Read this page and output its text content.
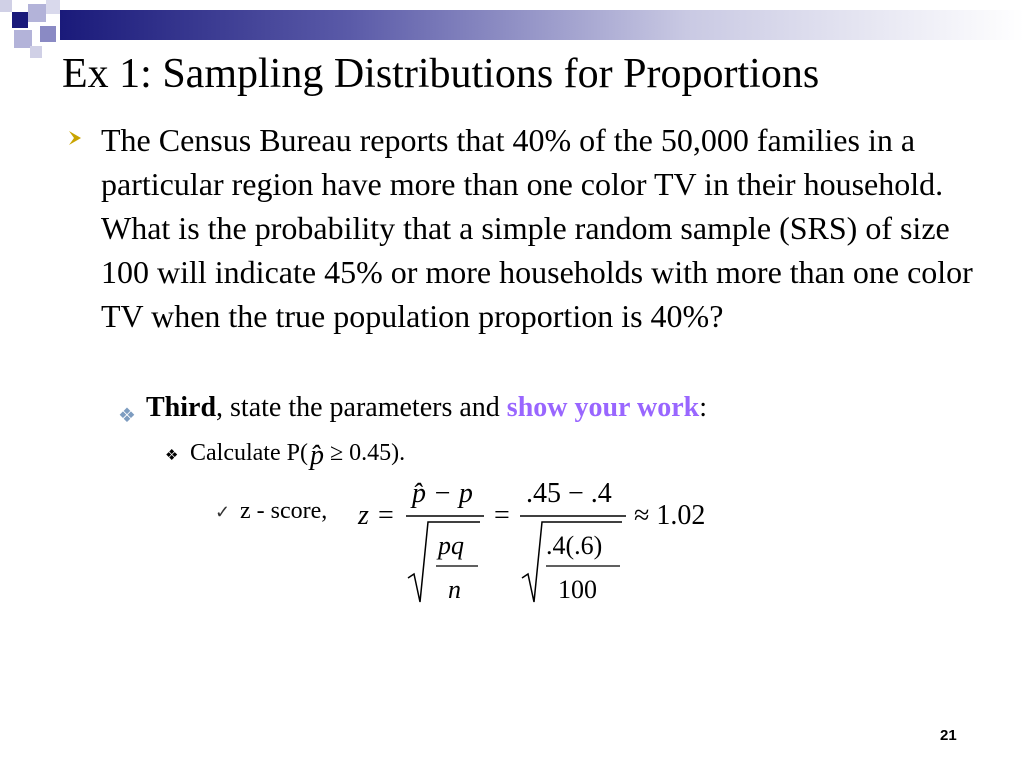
Ex 1: Sampling Distributions for Proportions
The Census Bureau reports that 40% of the 50,000 families in a particular region have more than one color TV in their household. What is the probability that a simple random sample (SRS) of size 100 will indicate 45% or more households with more than one color TV when the true population proportion is 40%?
❖ Third, state the parameters and show your work:
❖ Calculate P(p̂ ≥ 0.45).
✓ z - score, z =
p̂ − p
pq
n
=
.45 − .4
.4(.6)
100
≈ 1.02
21
